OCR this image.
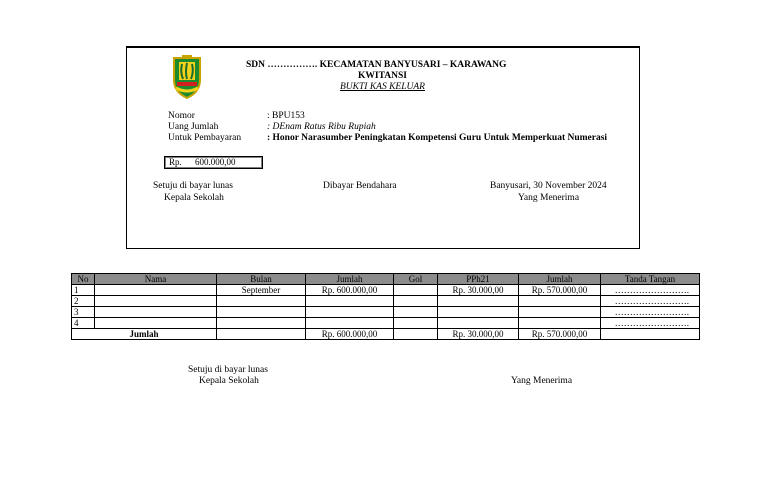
SDN ……………. KECAMATAN BANYUSARI – KARAWANG
KWITANSI
BUKTI KAS KELUAR
Nomor	: BPU153
Uang Jumlah	: DEnam Ratus Ribu Rupiah
Untuk Pembayaran	: Honor Narasumber Peningkatan Kompetensi Guru Untuk Memperkuat Numerasi
Rp. 600.000,00
Setuju di bayar lunas
Kepala Sekolah
Dibayar Bendahara	Banyusari, 30 November 2024
Yang Menerima
No	Nama	Bulan	Jumlah	Gol	PPh21	Jumlah	Tanda Tangan
1		September	Rp. 600.000,00		Rp. 30.000,00	Rp. 570.000,00	…………………….
2							…………………….
3							…………………….
4							…………………….
Jumlah			Rp. 600.000,00		Rp. 30.000,00	Rp. 570.000,00	
Setuju di bayar lunas
Kepala Sekolah	Yang Menerima
